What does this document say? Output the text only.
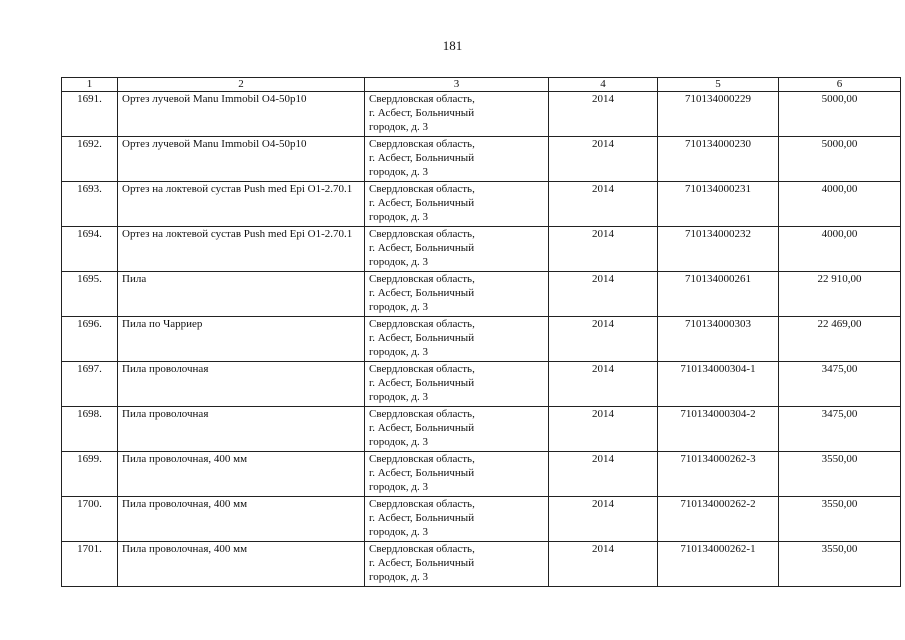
181
1	2	3	4	5	6
1691.	Ортез лучевой Manu Immobil O4-50p10	Свердловская область,
г. Асбест, Больничный
городок, д. 3	2014	710134000229	5000,00
1692.	Ортез лучевой Manu Immobil O4-50p10	Свердловская область,
г. Асбест, Больничный
городок, д. 3	2014	710134000230	5000,00
1693.	Ортез на локтевой сустав Push med Epi O1-2.70.1	Свердловская область,
г. Асбест, Больничный
городок, д. 3	2014	710134000231	4000,00
1694.	Ортез на локтевой сустав Push med Epi O1-2.70.1	Свердловская область,
г. Асбест, Больничный
городок, д. 3	2014	710134000232	4000,00
1695.	Пила	Свердловская область,
г. Асбест, Больничный
городок, д. 3	2014	710134000261	22 910,00
1696.	Пила по Чарриер	Свердловская область,
г. Асбест, Больничный
городок, д. 3	2014	710134000303	22 469,00
1697.	Пила проволочная	Свердловская область,
г. Асбест, Больничный
городок, д. 3	2014	710134000304-1	3475,00
1698.	Пила проволочная	Свердловская область,
г. Асбест, Больничный
городок, д. 3	2014	710134000304-2	3475,00
1699.	Пила проволочная, 400 мм	Свердловская область,
г. Асбест, Больничный
городок, д. 3	2014	710134000262-3	3550,00
1700.	Пила проволочная, 400 мм	Свердловская область,
г. Асбест, Больничный
городок, д. 3	2014	710134000262-2	3550,00
1701.	Пила проволочная, 400 мм	Свердловская область,
г. Асбест, Больничный
городок, д. 3	2014	710134000262-1	3550,00
